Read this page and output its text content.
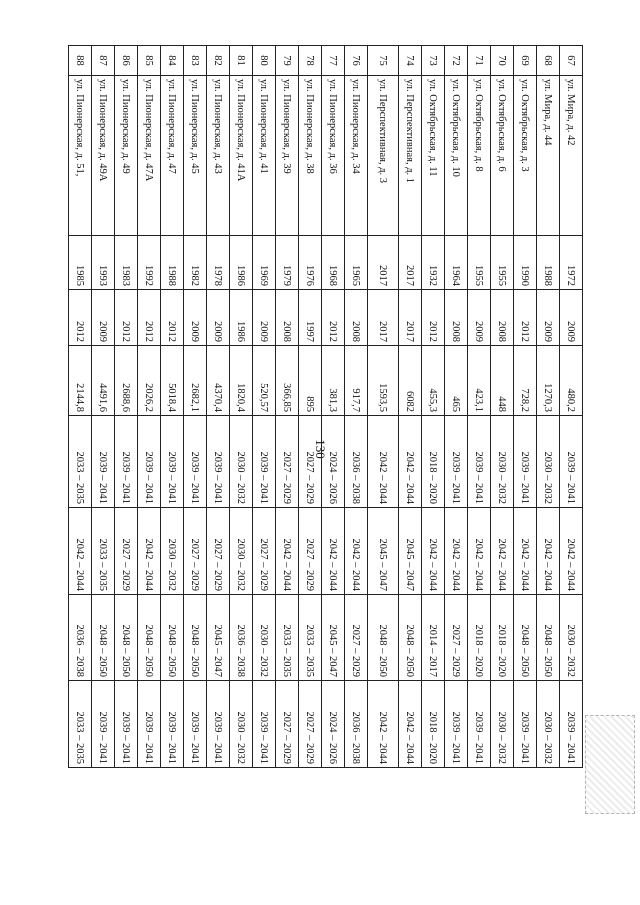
130
67	ул. Мира, д. 42	1972	2009	480,2	2039 – 2041	2042 – 2044	2030 – 2032	2039 – 2041
68	ул. Мира, д. 44	1988	2009	1270,3	2030 – 2032	2042 – 2044	2048 – 2050	2030 – 2032
69	ул. Октябрьская, д. 3	1990	2012	728,2	2039 – 2041	2042 – 2044	2048 – 2050	2039 – 2041
70	ул. Октябрьская, д. 6	1955	2008	448	2030 – 2032	2042 – 2044	2018 – 2020	2030 – 2032
71	ул. Октябрьская, д. 8	1955	2009	423,1	2039 – 2041	2042 – 2044	2018 – 2020	2039 – 2041
72	ул. Октябрьская, д. 10	1964	2008	465	2039 – 2041	2042 – 2044	2027 – 2029	2039 – 2041
73	ул. Октябрьская, д. 11	1932	2012	455,3	2018 – 2020	2042 – 2044	2014 – 2017	2018 – 2020
74	ул. Перспективная, д. 1	2017	2017	6082	2042 – 2044	2045 – 2047	2048 – 2050	2042 – 2044
75	ул. Перспективная, д. 3	2017	2017	1593,5	2042 – 2044	2045 – 2047	2048 – 2050	2042 – 2044
76	ул. Пионерская, д. 34	1965	2008	917,7	2036 – 2038	2042 – 2044	2027 – 2029	2036 – 2038
77	ул. Пионерская, д. 36	1968	2012	381,3	2024 – 2026	2042 – 2044	2045 – 2047	2024 – 2026
78	ул. Пионерская, д. 38	1976	1997	895	2027 – 2029	2027 – 2029	2033 – 2035	2027 – 2029
79	ул. Пионерская, д. 39	1979	2008	366,85	2027 – 2029	2042 – 2044	2033 – 2035	2027 – 2029
80	ул. Пионерская, д. 41	1969	2009	520,57	2039 – 2041	2027 – 2029	2030 – 2032	2039 – 2041
81	ул. Пионерская, д. 41А	1986	1986	1820,4	2030 – 2032	2030 – 2032	2036 – 2038	2030 – 2032
82	ул. Пионерская, д. 43	1978	2009	4370,4	2039 – 2041	2027 – 2029	2045 – 2047	2039 – 2041
83	ул. Пионерская, д. 45	1982	2009	2682,1	2039 – 2041	2027 – 2029	2048 – 2050	2039 – 2041
84	ул. Пионерская, д. 47	1988	2012	5018,4	2039 – 2041	2030 – 2032	2048 – 2050	2039 – 2041
85	ул. Пионерская, д. 47А	1992	2012	2026,2	2039 – 2041	2042 – 2044	2048 – 2050	2039 – 2041
86	ул. Пионерская, д. 49	1983	2012	2688,6	2039 – 2041	2027 – 2029	2048 – 2050	2039 – 2041
87	ул. Пионерская, д. 49А	1993	2009	4491,6	2039 – 2041	2033 – 2035	2048 – 2050	2039 – 2041
88	ул. Пионерская, д. 51,	1985	2012	2144,8	2033 – 2035	2042 – 2044	2036 – 2038	2033 – 2035
